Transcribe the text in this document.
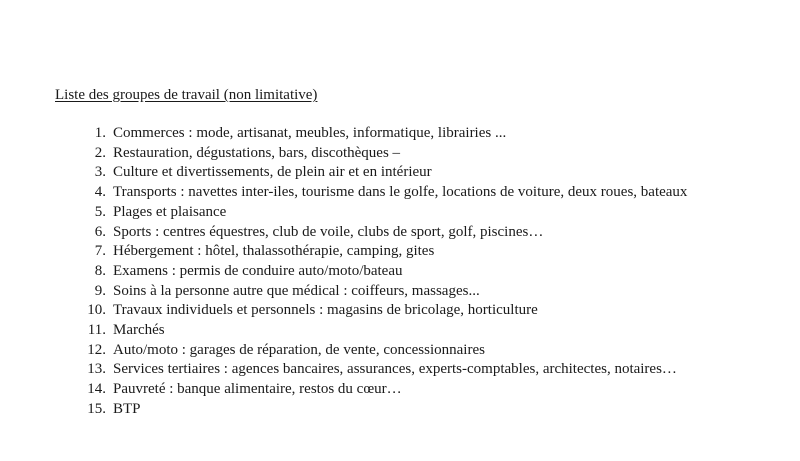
Liste des groupes de travail (non limitative)
1. Commerces : mode, artisanat, meubles, informatique, librairies ...
2. Restauration, dégustations, bars, discothèques –
3. Culture et divertissements, de plein air et en intérieur
4. Transports : navettes inter-iles, tourisme dans le golfe, locations de voiture, deux roues, bateaux
5. Plages et plaisance
6. Sports : centres équestres, club de voile, clubs de sport, golf, piscines…
7. Hébergement : hôtel, thalassothérapie, camping, gites
8. Examens : permis de conduire auto/moto/bateau
9. Soins à la personne autre que médical : coiffeurs, massages...
10. Travaux individuels et personnels : magasins de bricolage, horticulture
11. Marchés
12. Auto/moto : garages de réparation, de vente, concessionnaires
13. Services tertiaires : agences bancaires, assurances, experts-comptables, architectes, notaires…
14. Pauvreté : banque alimentaire, restos du cœur…
15. BTP
